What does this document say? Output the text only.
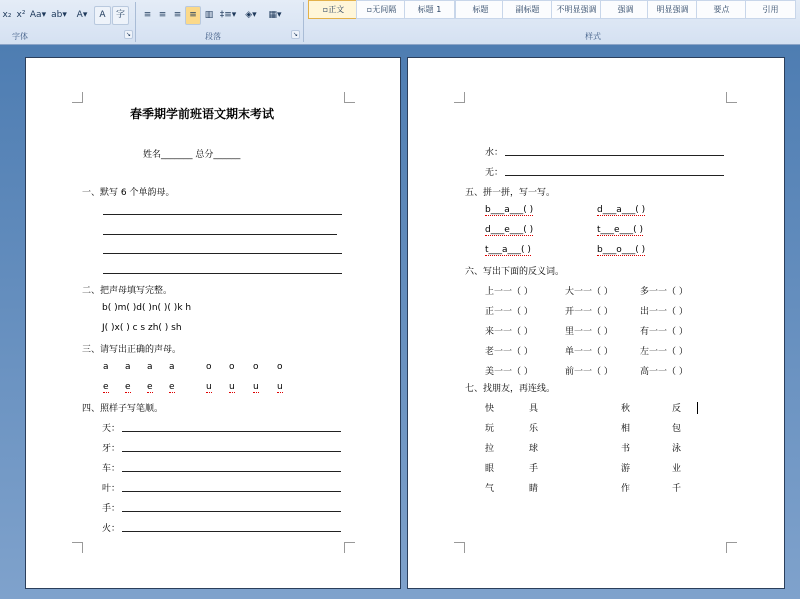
x₂ x² Aa▾ ab▾	A▾	A	字
字体	↘
≡ ≡ ≡ ≡ ▥ ‡≡▾ ◈▾	▦▾
段落	↘
▫正文	▫无间隔	标题 1	标题	副标题	不明显强调	强调	明显强调	要点	引用
样式
春季期学前班语文期末考试
姓名_______ 总分______
一、默写 6 个单韵母。
二、把声母填写完整。
b( )m( )d( )n( )( )k h
J( )x( ) c s zh( ) sh
三、请写出正确的声母。
a a a a	o o o o
e e e e	u u u u
四、照样子写笔顺。
天：
牙：
车：
叶：
手：
火：
水：
无：
五、拼一拼，写一写。
b___a___( )	d___a___( )
d___e___( )	t___e___( )
t___a___( )	b___o___( )
六、写出下面的反义词。
上一一（ ）	大一一（ ）	多一一（ ）
正一一（ ）	开一一（ ）	出一一（ ）
来一一（ ）	里一一（ ）	有一一（ ）
老一一（ ）	单一一（ ）	左一一（ ）
美一一（ ）	前一一（ ）	高一一（ ）
七、找朋友，再连线。
快	具	秋	反
玩	乐	相	包
拉	球	书	泳
眼	手	游	业
气	睛	作	千
